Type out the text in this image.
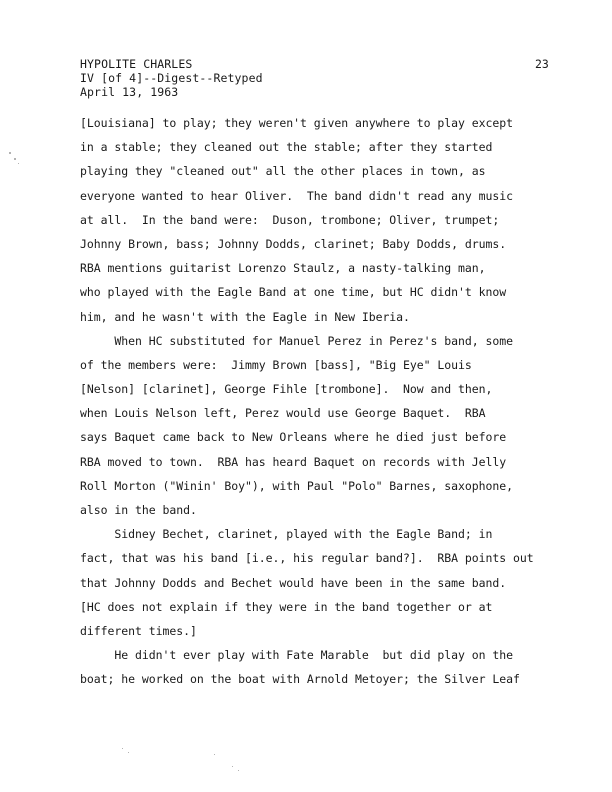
HYPOLITE CHARLES
IV [of 4]--Digest--Retyped
April 13, 1963
23
[Louisiana] to play; they weren't given anywhere to play except
in a stable; they cleaned out the stable; after they started
playing they "cleaned out" all the other places in town, as
everyone wanted to hear Oliver.  The band didn't read any music
at all.  In the band were:  Duson, trombone; Oliver, trumpet;
Johnny Brown, bass; Johnny Dodds, clarinet; Baby Dodds, drums.
RBA mentions guitarist Lorenzo Staulz, a nasty-talking man,
who played with the Eagle Band at one time, but HC didn't know
him, and he wasn't with the Eagle in New Iberia.
When HC substituted for Manuel Perez in Perez's band, some
of the members were:  Jimmy Brown [bass], "Big Eye" Louis
[Nelson] [clarinet], George Fihle [trombone].  Now and then,
when Louis Nelson left, Perez would use George Baquet.  RBA
says Baquet came back to New Orleans where he died just before
RBA moved to town.  RBA has heard Baquet on records with Jelly
Roll Morton ("Winin' Boy"), with Paul "Polo" Barnes, saxophone,
also in the band.
Sidney Bechet, clarinet, played with the Eagle Band; in
fact, that was his band [i.e., his regular band?].  RBA points out
that Johnny Dodds and Bechet would have been in the same band.
[HC does not explain if they were in the band together or at
different times.]
He didn't ever play with Fate Marable  but did play on the
boat; he worked on the boat with Arnold Metoyer; the Silver Leaf
